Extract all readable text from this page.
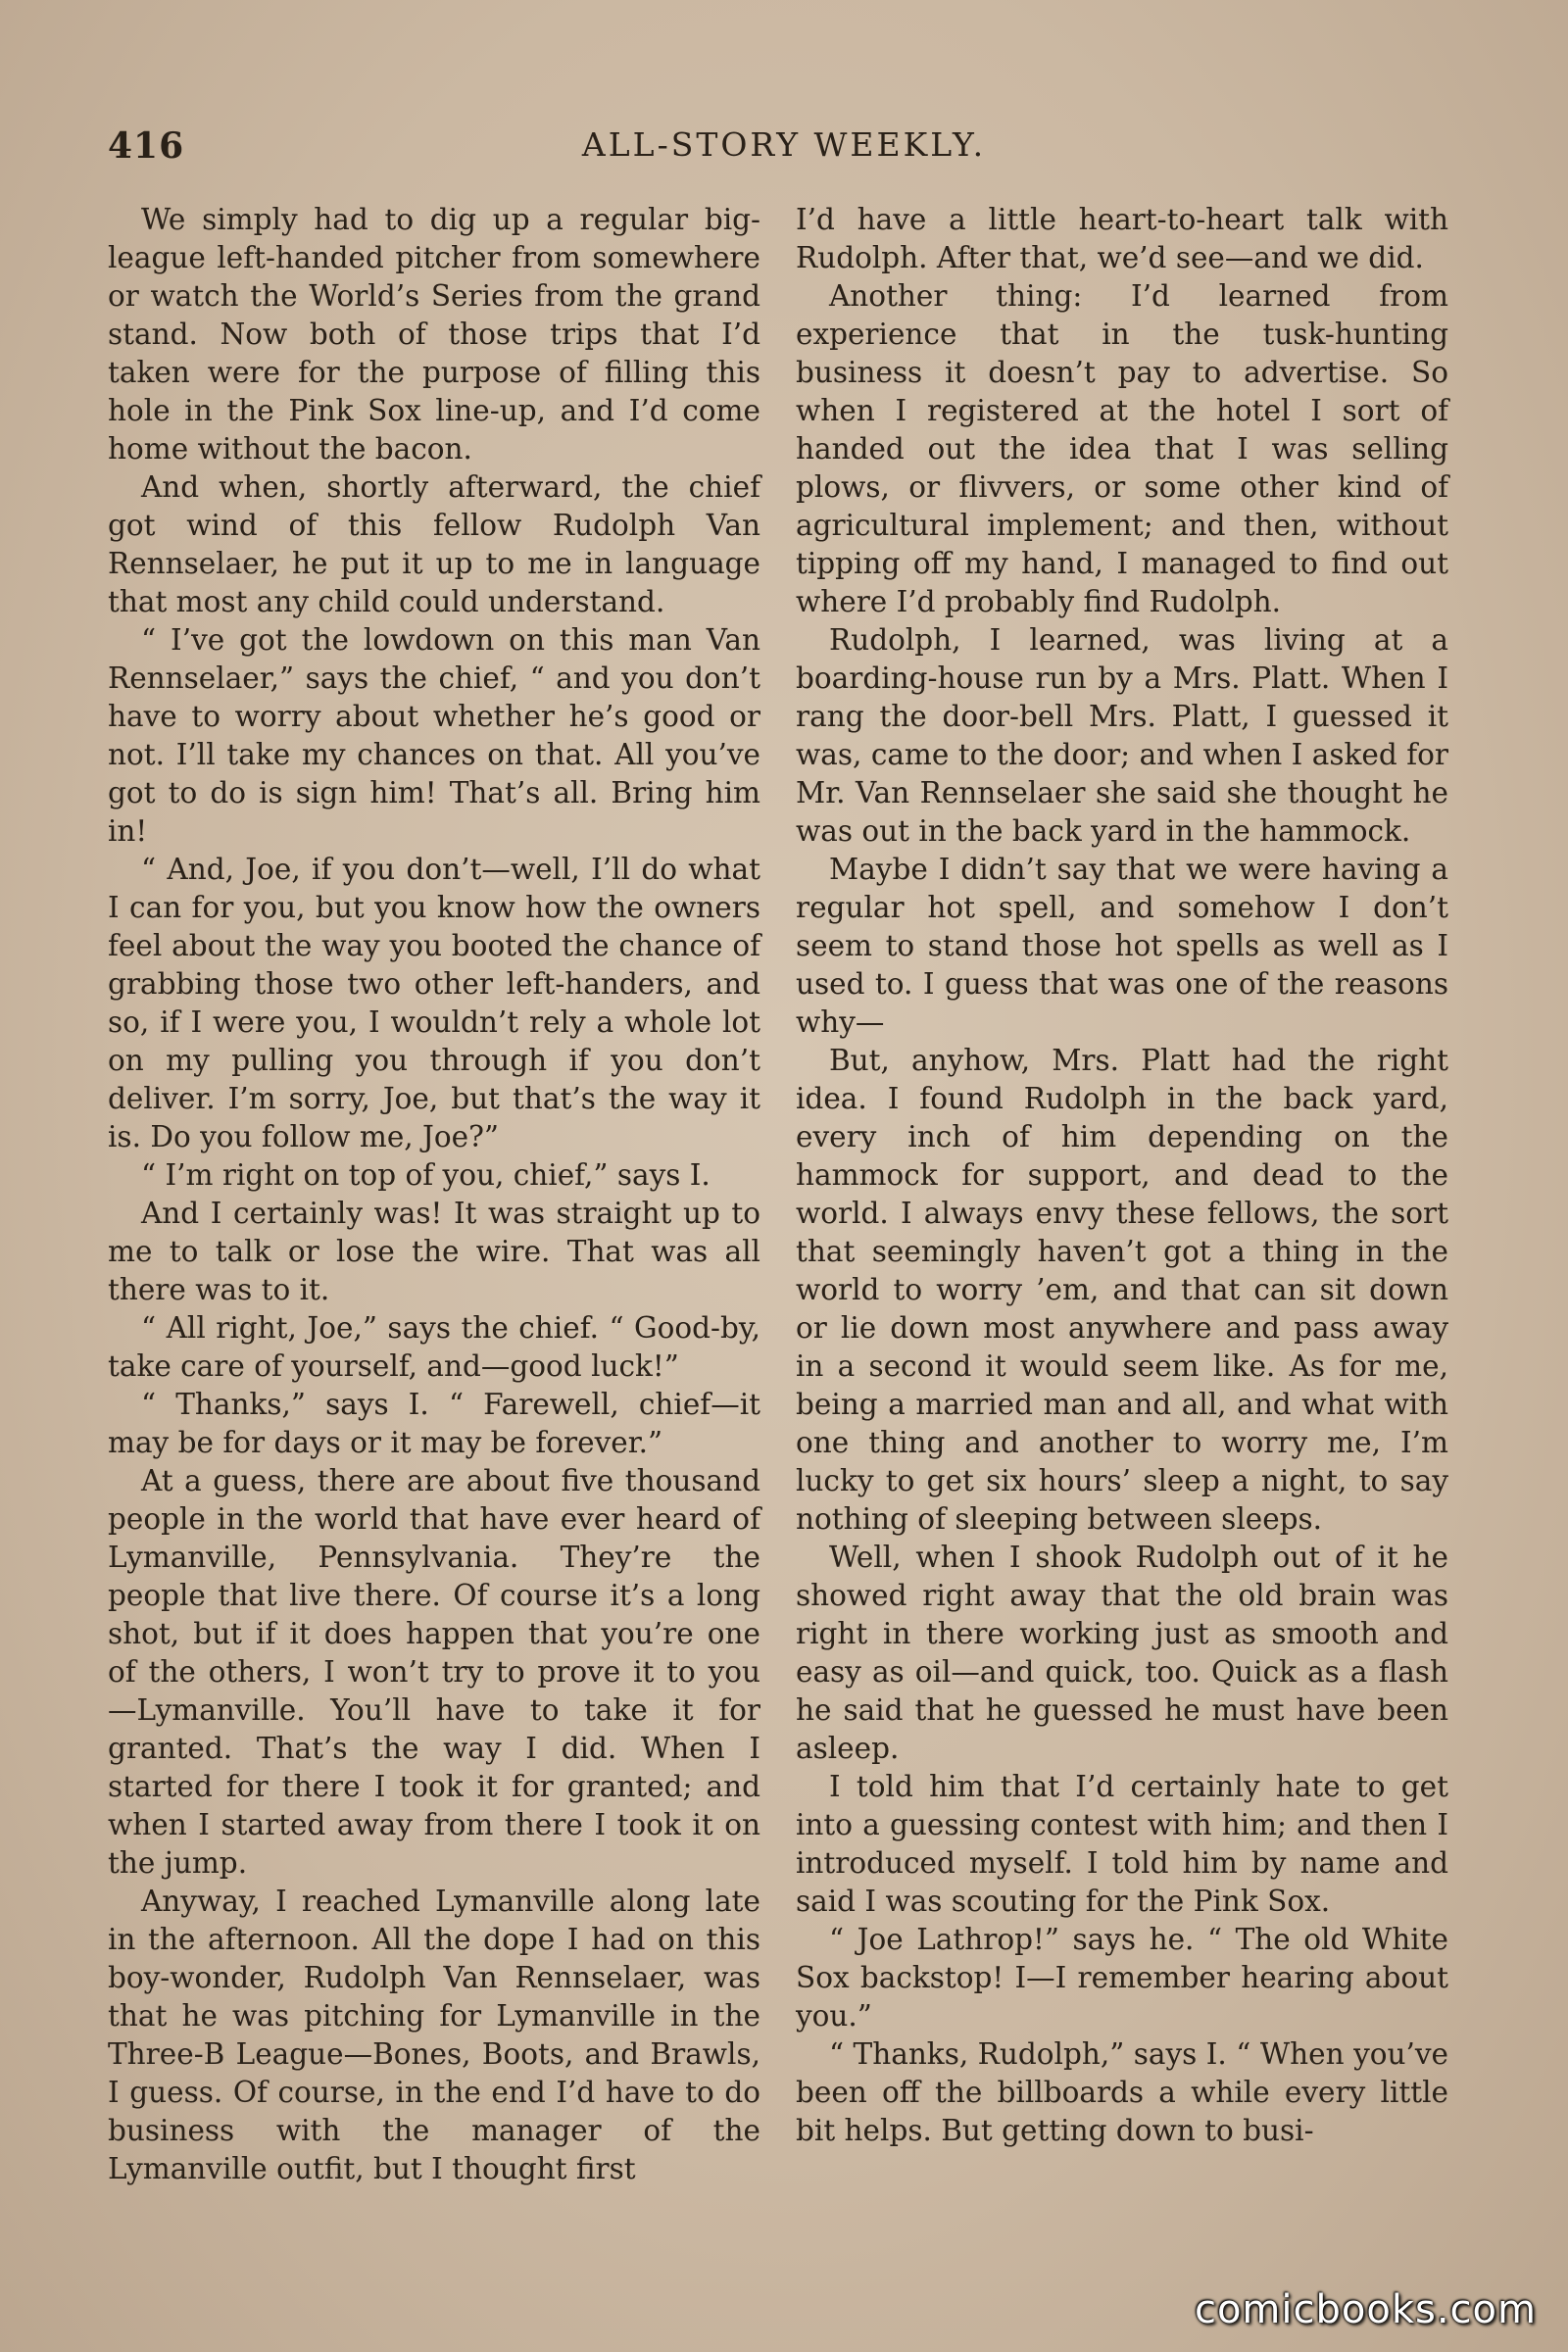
416	ALL-STORY WEEKLY.

We simply had to dig up a regular big-league left-handed pitcher from somewhere or watch the World’s Series from the grand stand. Now both of those trips that I’d taken were for the purpose of filling this hole in the Pink Sox line-up, and I’d come home without the bacon.

And when, shortly afterward, the chief got wind of this fellow Rudolph Van Rennselaer, he put it up to me in language that most any child could understand.

“ I’ve got the lowdown on this man Van Rennselaer,” says the chief, “ and you don’t have to worry about whether he’s good or not. I’ll take my chances on that. All you’ve got to do is sign him! That’s all. Bring him in!

“ And, Joe, if you don’t—well, I’ll do what I can for you, but you know how the owners feel about the way you booted the chance of grabbing those two other left-handers, and so, if I were you, I wouldn’t rely a whole lot on my pulling you through if you don’t deliver. I’m sorry, Joe, but that’s the way it is. Do you follow me, Joe?”

“ I’m right on top of you, chief,” says I.

And I certainly was! It was straight up to me to talk or lose the wire. That was all there was to it.

“ All right, Joe,” says the chief. “ Good-by, take care of yourself, and—good luck!”

“ Thanks,” says I. “ Farewell, chief—it may be for days or it may be forever.”

At a guess, there are about five thousand people in the world that have ever heard of Lymanville, Pennsylvania. They’re the people that live there. Of course it’s a long shot, but if it does happen that you’re one of the others, I won’t try to prove it to you —Lymanville. You’ll have to take it for granted. That’s the way I did. When I started for there I took it for granted; and when I started away from there I took it on the jump.

Anyway, I reached Lymanville along late in the afternoon. All the dope I had on this boy-wonder, Rudolph Van Rennselaer, was that he was pitching for Lymanville in the Three-B League—Bones, Boots, and Brawls, I guess. Of course, in the end I’d have to do business with the manager of the Lymanville outfit, but I thought first

I’d have a little heart-to-heart talk with Rudolph. After that, we’d see—and we did.

Another thing: I’d learned from experience that in the tusk-hunting business it doesn’t pay to advertise. So when I registered at the hotel I sort of handed out the idea that I was selling plows, or flivvers, or some other kind of agricultural implement; and then, without tipping off my hand, I managed to find out where I’d probably find Rudolph.

Rudolph, I learned, was living at a boarding-house run by a Mrs. Platt. When I rang the door-bell Mrs. Platt, I guessed it was, came to the door; and when I asked for Mr. Van Rennselaer she said she thought he was out in the back yard in the hammock.

Maybe I didn’t say that we were having a regular hot spell, and somehow I don’t seem to stand those hot spells as well as I used to. I guess that was one of the reasons why—

But, anyhow, Mrs. Platt had the right idea. I found Rudolph in the back yard, every inch of him depending on the hammock for support, and dead to the world. I always envy these fellows, the sort that seemingly haven’t got a thing in the world to worry ’em, and that can sit down or lie down most anywhere and pass away in a second it would seem like. As for me, being a married man and all, and what with one thing and another to worry me, I’m lucky to get six hours’ sleep a night, to say nothing of sleeping between sleeps.

Well, when I shook Rudolph out of it he showed right away that the old brain was right in there working just as smooth and easy as oil—and quick, too. Quick as a flash he said that he guessed he must have been asleep.

I told him that I’d certainly hate to get into a guessing contest with him; and then I introduced myself. I told him by name and said I was scouting for the Pink Sox.

“ Joe Lathrop!” says he. “ The old White Sox backstop! I—I remember hearing about you.”

“ Thanks, Rudolph,” says I. “ When you’ve been off the billboards a while every little bit helps. But getting down to busi-

comicbooks.com
